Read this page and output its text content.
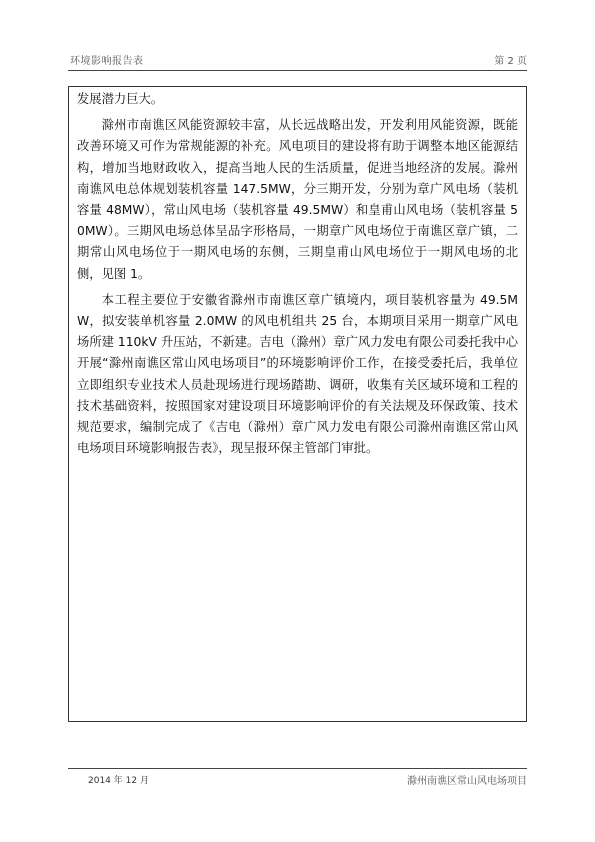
环境影响报告表	第 2 页

发展潜力巨大。

滁州市南谯区风能资源较丰富，从长远战略出发，开发利用风能资源，既能改善环境又可作为常规能源的补充。风电项目的建设将有助于调整本地区能源结构，增加当地财政收入，提高当地人民的生活质量，促进当地经济的发展。滁州南谯风电总体规划装机容量 147.5MW，分三期开发，分别为章广风电场（装机容量 48MW），常山风电场（装机容量 49.5MW）和皇甫山风电场（装机容量 50MW）。三期风电场总体呈品字形格局，一期章广风电场位于南谯区章广镇，二期常山风电场位于一期风电场的东侧，三期皇甫山风电场位于一期风电场的北侧，见图 1。

本工程主要位于安徽省滁州市南谯区章广镇境内，项目装机容量为 49.5MW，拟安装单机容量 2.0MW 的风电机组共 25 台，本期项目采用一期章广风电场所建 110kV 升压站，不新建。吉电（滁州）章广风力发电有限公司委托我中心开展“滁州南谯区常山风电场项目”的环境影响评价工作，在接受委托后，我单位立即组织专业技术人员赴现场进行现场踏勘、调研，收集有关区域环境和工程的技术基础资料，按照国家对建设项目环境影响评价的有关法规及环保政策、技术规范要求，编制完成了《吉电（滁州）章广风力发电有限公司滁州南谯区常山风电场项目环境影响报告表》，现呈报环保主管部门审批。

2014 年 12 月	滁州南谯区常山风电场项目
